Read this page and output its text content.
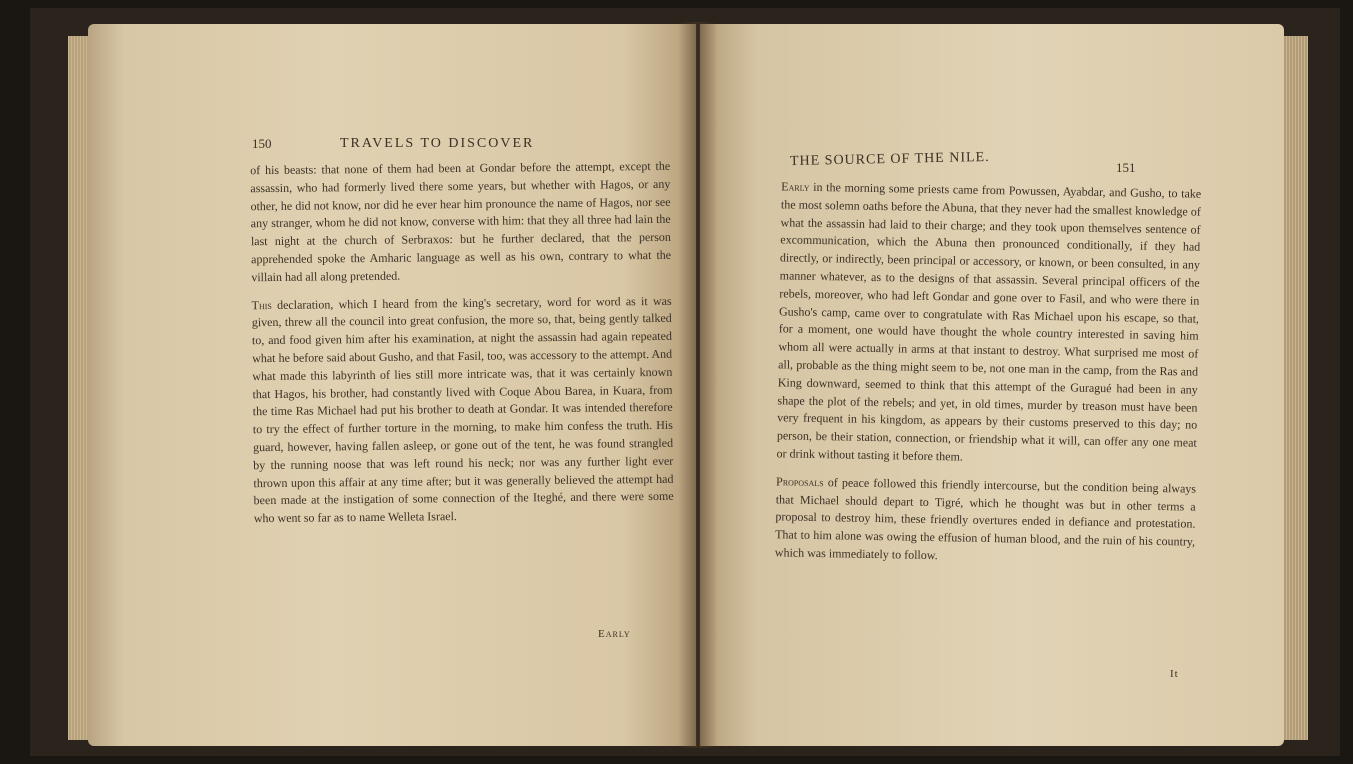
150	TRAVELS TO DISCOVER

of his beasts: that none of them had been at Gondar before the attempt, except the assassin, who had formerly lived there some years, but whether with Hagos, or any other, he did not know, nor did he ever hear him pronounce the name of Hagos, nor see any stranger, whom he did not know, converse with him: that they all three had lain the last night at the church of Serbraxos: but he further declared, that the person apprehended spoke the Amharic language as well as his own, contrary to what the villain had all along pretended.

This declaration, which I heard from the king's secretary, word for word as it was given, threw all the council into great confusion, the more so, that, being gently talked to, and food given him after his examination, at night the assassin had again repeated what he before said about Gusho, and that Fasil, too, was accessory to the attempt. And what made this labyrinth of lies still more intricate was, that it was certainly known that Hagos, his brother, had constantly lived with Coque Abou Barea, in Kuara, from the time Ras Michael had put his brother to death at Gondar. It was intended therefore to try the effect of further torture in the morning, to make him confess the truth. His guard, however, having fallen asleep, or gone out of the tent, he was found strangled by the running noose that was left round his neck; nor was any further light ever thrown upon this affair at any time after; but it was generally believed the attempt had been made at the instigation of some connection of the Iteghé, and there were some who went so far as to name Welleta Israel.

Early
THE SOURCE OF THE NILE.	151

Early in the morning some priests came from Powussen, Ayabdar, and Gusho, to take the most solemn oaths before the Abuna, that they never had the smallest knowledge of what the assassin had laid to their charge; and they took upon themselves sentence of excommunication, which the Abuna then pronounced conditionally, if they had directly, or indirectly, been principal or accessory, or known, or been consulted, in any manner whatever, as to the designs of that assassin. Several principal officers of the rebels, moreover, who had left Gondar and gone over to Fasil, and who were there in Gusho's camp, came over to congratulate with Ras Michael upon his escape, so that, for a moment, one would have thought the whole country interested in saving him whom all were actually in arms at that instant to destroy. What surprised me most of all, probable as the thing might seem to be, not one man in the camp, from the Ras and King downward, seemed to think that this attempt of the Guragué had been in any shape the plot of the rebels; and yet, in old times, murder by treason must have been very frequent in his kingdom, as appears by their customs preserved to this day; no person, be their station, connection, or friendship what it will, can offer any one meat or drink without tasting it before them.

Proposals of peace followed this friendly intercourse, but the condition being always that Michael should depart to Tigré, which he thought was but in other terms a proposal to destroy him, these friendly overtures ended in defiance and protestation. That to him alone was owing the effusion of human blood, and the ruin of his country, which was immediately to follow.

It
